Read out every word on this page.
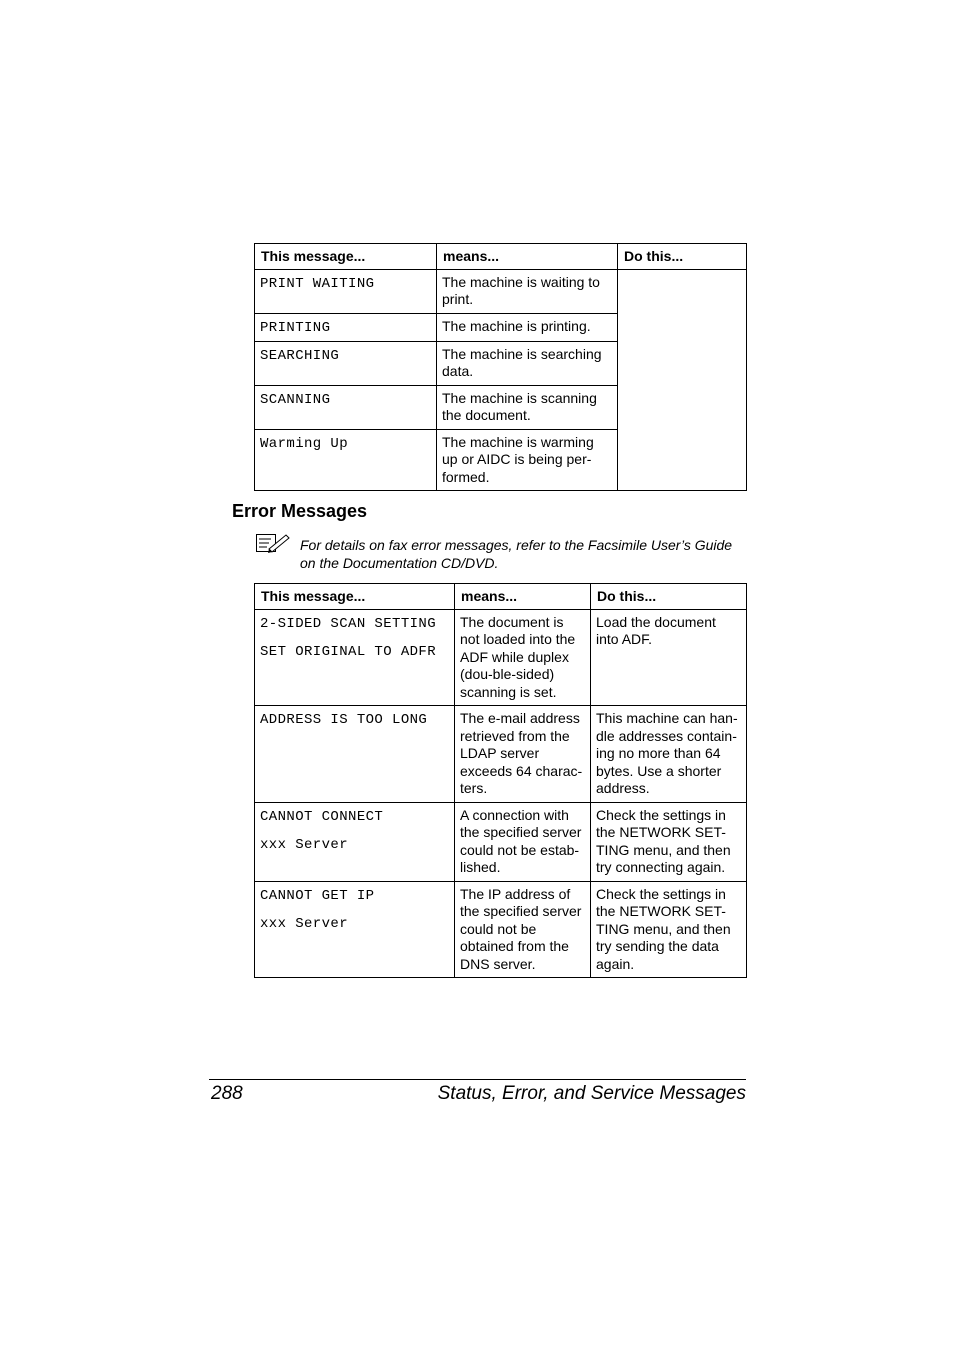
This message...	means...	Do this...
PRINT WAITING	The machine is waiting to print.	
PRINTING	The machine is printing.	
SEARCHING	The machine is searching data.	
SCANNING	The machine is scanning the document.	
Warming Up	The machine is warming up or AIDC is being per-formed.	
Error Messages
For details on fax error messages, refer to the Facsimile User’s Guide on the Documentation CD/DVD.
This message...	means...	Do this...
2-SIDED SCAN SETTING
SET ORIGINAL TO ADFR	The document is not loaded into the ADF while duplex (dou-ble-sided) scanning is set.	Load the document into ADF.
ADDRESS IS TOO LONG	The e-mail address retrieved from the LDAP server exceeds 64 charac-ters.	This machine can han-dle addresses contain-ing no more than 64 bytes. Use a shorter address.
CANNOT CONNECT
xxx Server	A connection with the specified server could not be estab-lished.	Check the settings in the NETWORK SET-TING menu, and then try connecting again.
CANNOT GET IP
xxx Server	The IP address of the specified server could not be obtained from the DNS server.	Check the settings in the NETWORK SET-TING menu, and then try sending the data again.
288	Status, Error, and Service Messages
